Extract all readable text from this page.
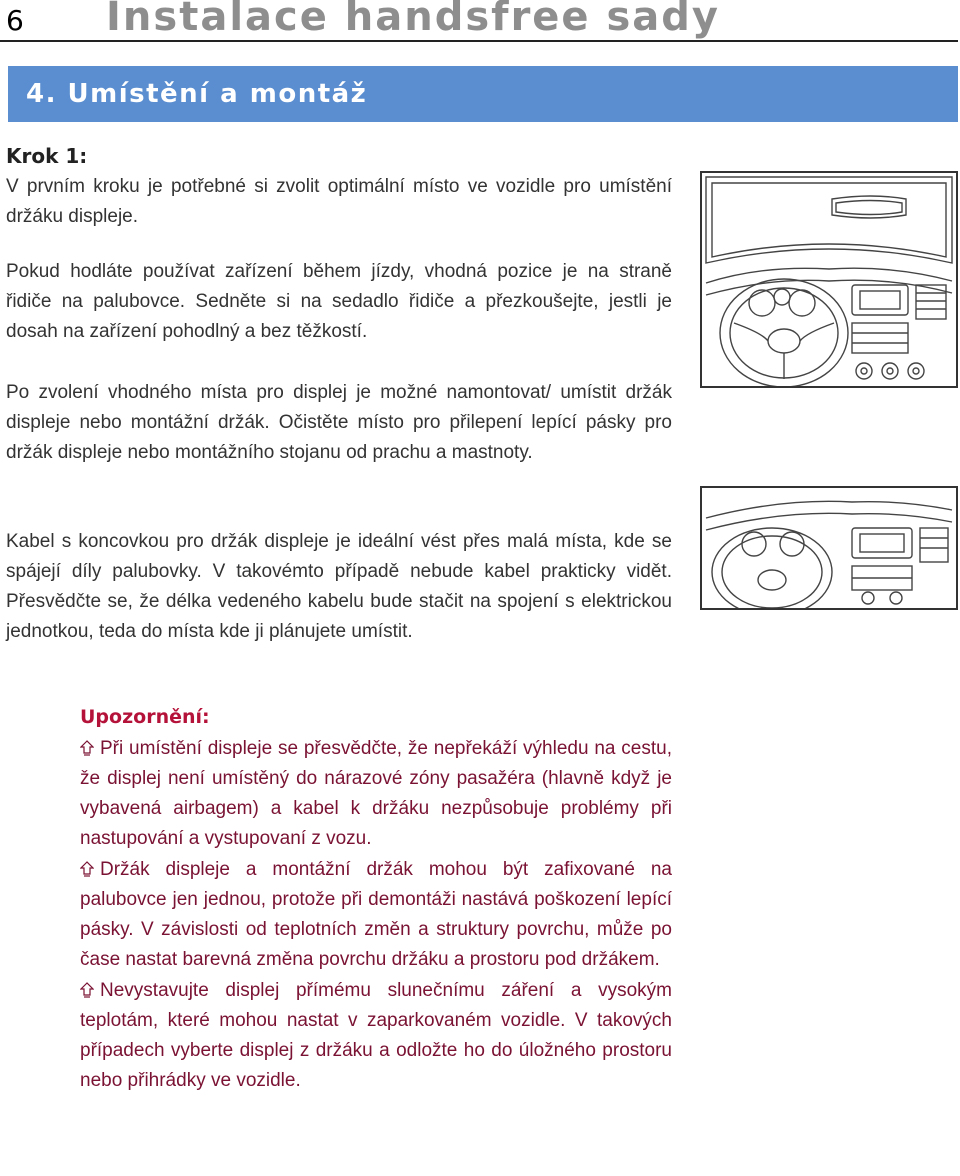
6 Instalace handsfree sady
4. Umístění a montáž
Krok 1:

V prvním kroku je potřebné si zvolit optimální místo ve vozidle pro umístění držáku displeje.

Pokud hodláte používat zařízení během jízdy, vhodná pozice je na straně řidiče na palubovce. Sedněte si na sedadlo řidiče a přezkoušejte, jestli je dosah na zařízení pohodlný a bez těžkostí.

Po zvolení vhodného místa pro displej je možné namontovat/ umístit držák displeje nebo montážní držák. Očistěte místo pro přilepení lepící pásky pro držák displeje nebo montážního stojanu od prachu a mastnoty.

Kabel s koncovkou pro držák displeje je ideální vést přes malá místa, kde se spájejí díly palubovky. V takovémto případě nebude kabel prakticky vidět. Přesvědčte se, že délka vedeného kabelu bude stačit na spojení s elektrickou jednotkou, teda do místa kde ji plánujete umístit.

Upozornění:
Při umístění displeje se přesvědčte, že nepřekáží výhledu na cestu, že displej není umístěný do nárazové zóny pasažéra (hlavně když je vybavená airbagem) a kabel k držáku nezpůsobuje problémy při nastupování a vystupovaní z vozu.
Držák displeje a montážní držák mohou být zafixované na palubovce jen jednou, protože při demontáži nastává poškození lepící pásky. V závislosti od teplotních změn a struktury povrchu, může po čase nastat barevná změna povrchu držáku a prostoru pod držákem.
Nevystavujte displej přímému slunečnímu záření a vysokým teplotám, které mohou nastat v zaparkovaném vozidle. V takových případech vyberte displej z držáku a odložte ho do úložného prostoru nebo přihrádky ve vozidle.
